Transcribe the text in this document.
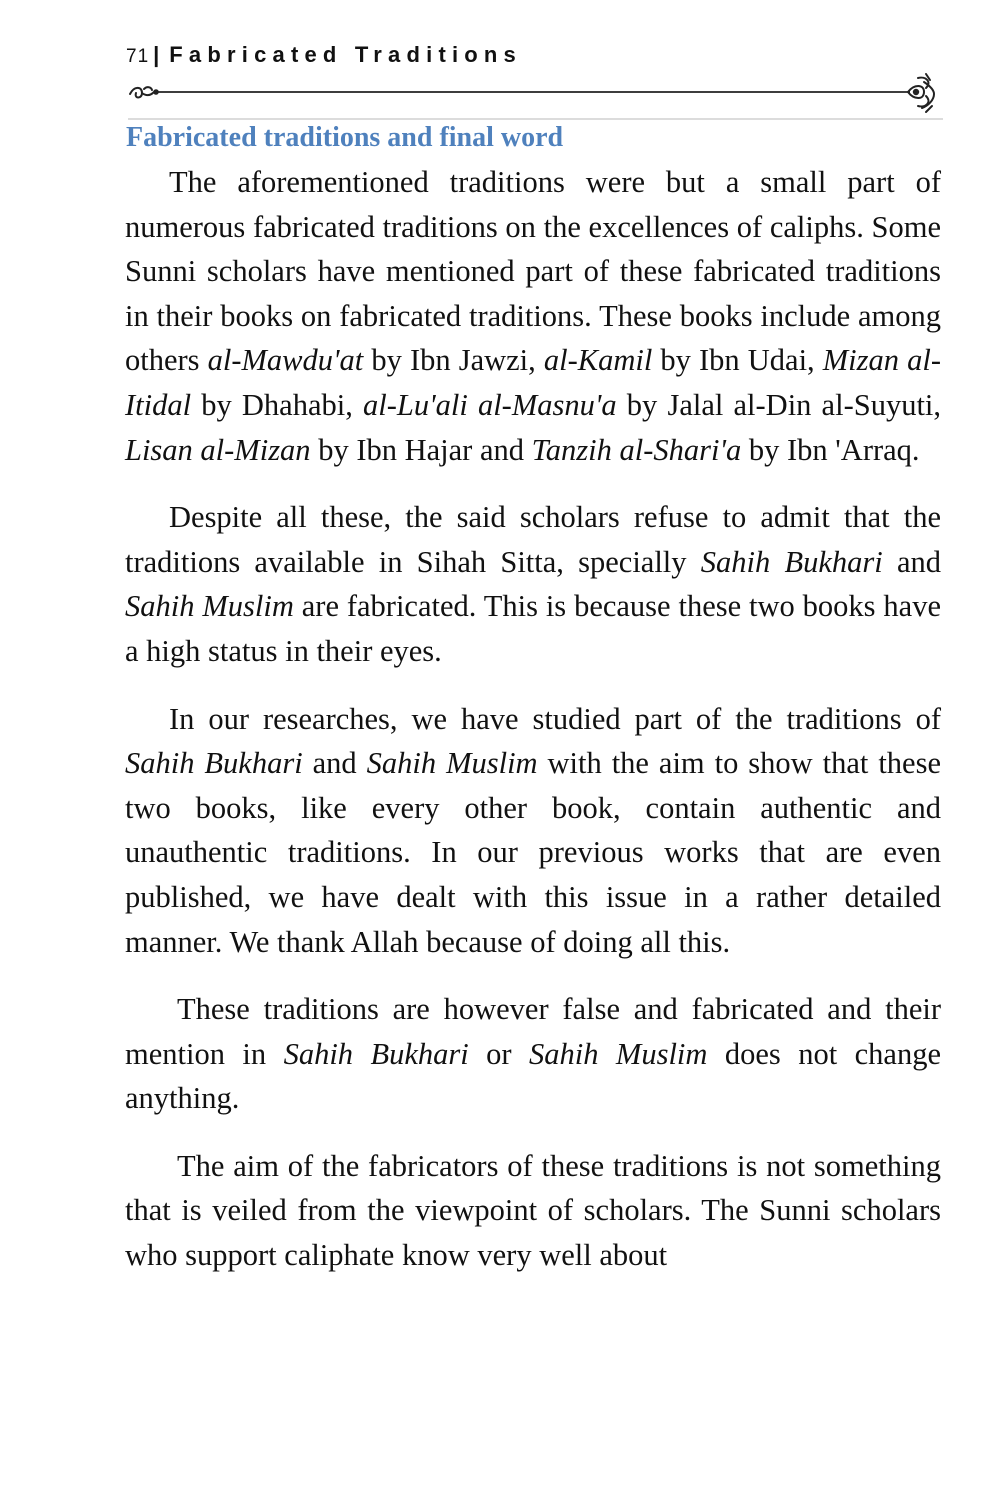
71 | Fabricated Traditions
Fabricated traditions and final word

The aforementioned traditions were but a small part of numerous fabricated traditions on the excellences of caliphs. Some Sunni scholars have mentioned part of these fabricated traditions in their books on fabricated traditions. These books include among others al-Mawdu'at by Ibn Jawzi, al-Kamil by Ibn Udai, Mizan al-Itidal by Dhahabi, al-Lu'ali al-Masnu'a by Jalal al-Din al-Suyuti, Lisan al-Mizan by Ibn Hajar and Tanzih al-Shari'a by Ibn 'Arraq.

Despite all these, the said scholars refuse to admit that the traditions available in Sihah Sitta, specially Sahih Bukhari and Sahih Muslim are fabricated. This is because these two books have a high status in their eyes.

In our researches, we have studied part of the traditions of Sahih Bukhari and Sahih Muslim with the aim to show that these two books, like every other book, contain authentic and unauthentic traditions. In our previous works that are even published, we have dealt with this issue in a rather detailed manner. We thank Allah because of doing all this.

These traditions are however false and fabricated and their mention in Sahih Bukhari or Sahih Muslim does not change anything.

The aim of the fabricators of these traditions is not something that is veiled from the viewpoint of scholars. The Sunni scholars who support caliphate know very well about
